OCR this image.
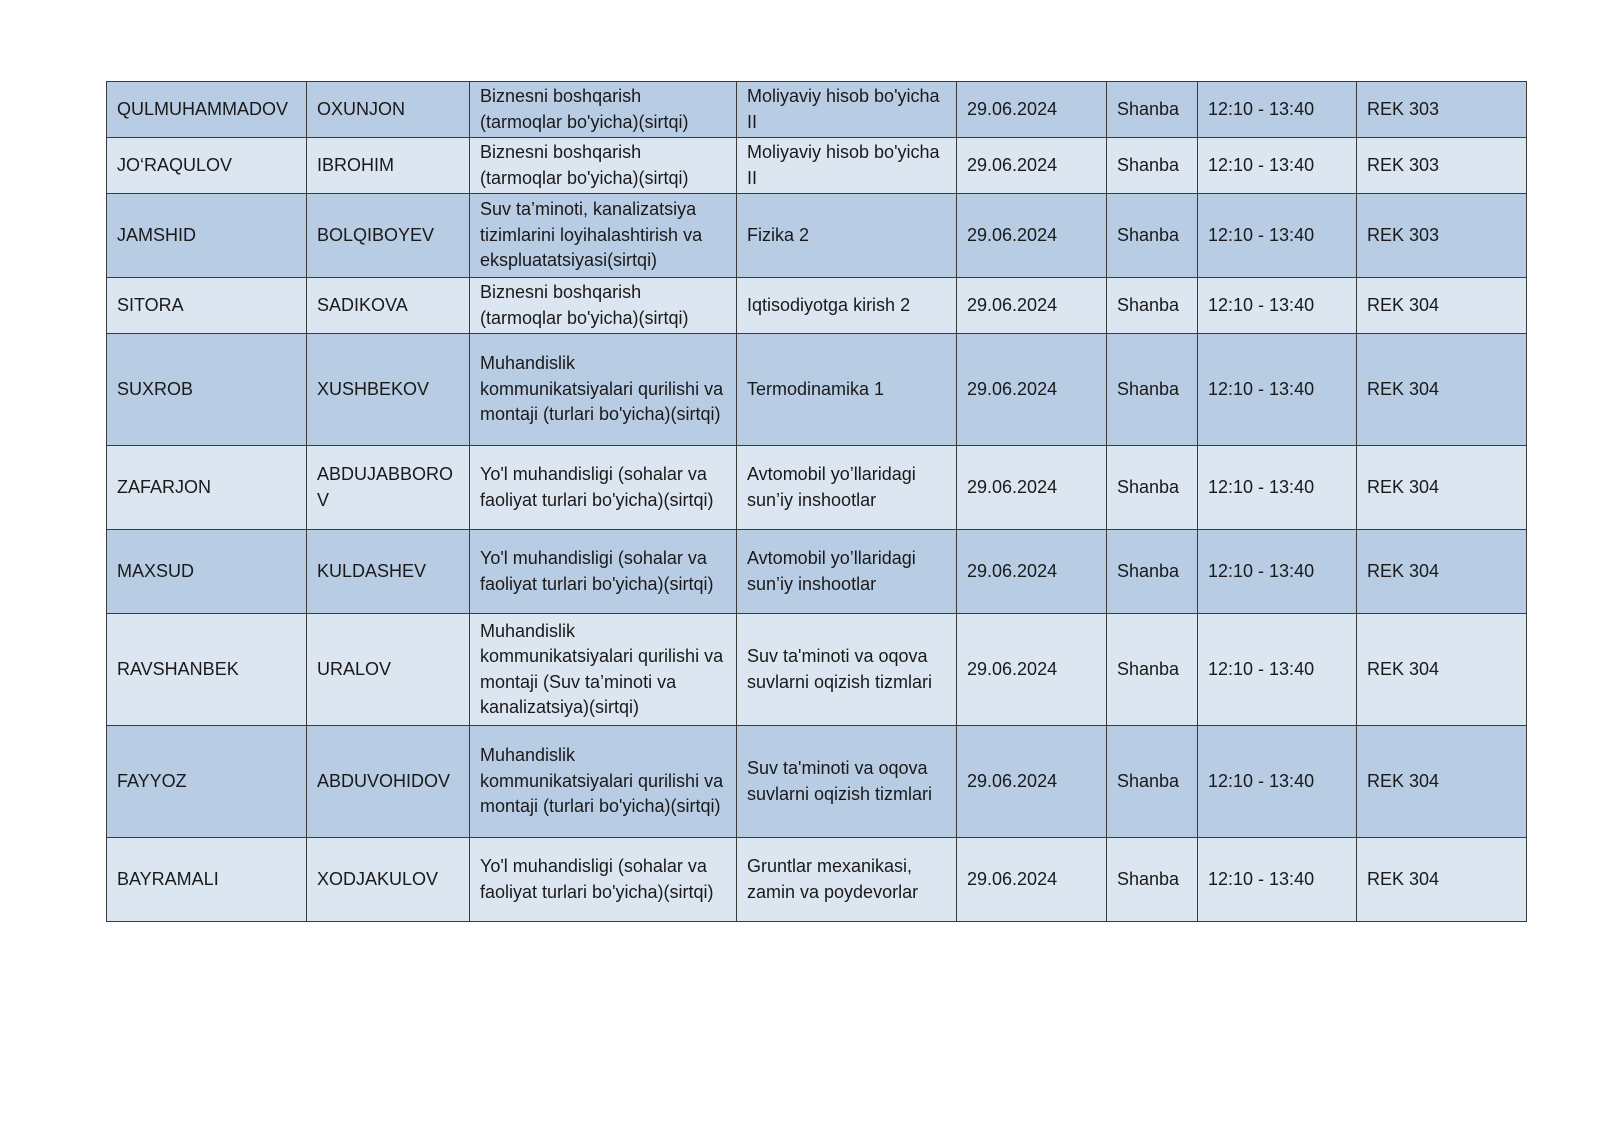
QULMUHAMMADOV	OXUNJON	Biznesni boshqarish (tarmoqlar bo'yicha)(sirtqi)	Moliyaviy hisob bo'yicha II	29.06.2024	Shanba	12:10 - 13:40	REK 303
JO‘RAQULOV	IBROHIM	Biznesni boshqarish (tarmoqlar bo'yicha)(sirtqi)	Moliyaviy hisob bo'yicha II	29.06.2024	Shanba	12:10 - 13:40	REK 303
JAMSHID	BOLQIBOYEV	Suv ta’minoti, kanalizatsiya tizimlarini loyihalashtirish va ekspluatatsiyasi(sirtqi)	Fizika 2	29.06.2024	Shanba	12:10 - 13:40	REK 303
SITORA	SADIKOVA	Biznesni boshqarish (tarmoqlar bo'yicha)(sirtqi)	Iqtisodiyotga kirish 2	29.06.2024	Shanba	12:10 - 13:40	REK 304
SUXROB	XUSHBEKOV	Muhandislik kommunikatsiyalari qurilishi va montaji (turlari bo'yicha)(sirtqi)	Termodinamika 1	29.06.2024	Shanba	12:10 - 13:40	REK 304
ZAFARJON	ABDUJABBOROV	Yo'l muhandisligi (sohalar va faoliyat turlari bo'yicha)(sirtqi)	Avtomobil yo’llaridagi sun’iy inshootlar	29.06.2024	Shanba	12:10 - 13:40	REK 304
MAXSUD	KULDASHEV	Yo'l muhandisligi (sohalar va faoliyat turlari bo'yicha)(sirtqi)	Avtomobil yo’llaridagi sun’iy inshootlar	29.06.2024	Shanba	12:10 - 13:40	REK 304
RAVSHANBEK	URALOV	Muhandislik kommunikatsiyalari qurilishi va montaji (Suv ta’minoti va kanalizatsiya)(sirtqi)	Suv ta'minoti va oqova suvlarni oqizish tizmlari	29.06.2024	Shanba	12:10 - 13:40	REK 304
FAYYOZ	ABDUVOHIDOV	Muhandislik kommunikatsiyalari qurilishi va montaji (turlari bo'yicha)(sirtqi)	Suv ta'minoti va oqova suvlarni oqizish tizmlari	29.06.2024	Shanba	12:10 - 13:40	REK 304
BAYRAMALI	XODJAKULOV	Yo'l muhandisligi (sohalar va faoliyat turlari bo'yicha)(sirtqi)	Gruntlar mexanikasi, zamin va poydevorlar	29.06.2024	Shanba	12:10 - 13:40	REK 304
